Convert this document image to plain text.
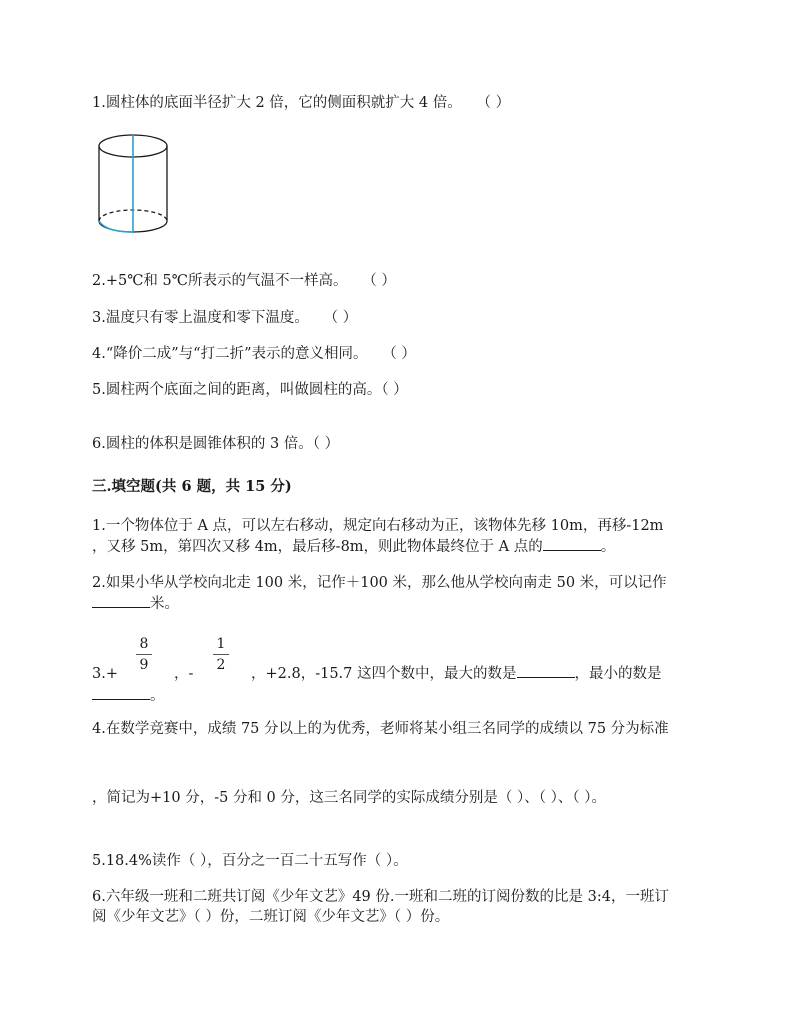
1.圆柱体的底面半径扩大 2 倍，它的侧面积就扩大 4 倍。 （ ）
2.+5℃和 5℃所表示的气温不一样高。 （ ）
3.温度只有零上温度和零下温度。 （ ）
4.“降价二成”与“打二折”表示的意义相同。 （ ）
5.圆柱两个底面之间的距离，叫做圆柱的高。（ ）
6.圆柱的体积是圆锥体积的 3 倍。（ ）
三.填空题(共 6 题，共 15 分)
1.一个物体位于 A 点，可以左右移动，规定向右移动为正，该物体先移 10m，再移-12m
，又移 5m，第四次又移 4m，最后移-8m，则此物体最终位于 A 点的	。
2.如果小华从学校向北走 100 米，记作＋100 米，那么他从学校向南走 50 米，可以记作
米。
8
9
1
2
3.+	，-	，+2.8，-15.7 这四个数中，最大的数是	，最小的数是
。
4.在数学竞赛中，成绩 75 分以上的为优秀，老师将某小组三名同学的成绩以 75 分为标准
，简记为+10 分，-5 分和 0 分，这三名同学的实际成绩分别是（ ）、（ ）、（ ）。
5.18.4%读作（ ），百分之一百二十五写作（ ）。
6.六年级一班和二班共订阅《少年文艺》49 份.一班和二班的订阅份数的比是 3:4，一班订
阅《少年文艺》（ ）份，二班订阅《少年文艺》（ ）份。
